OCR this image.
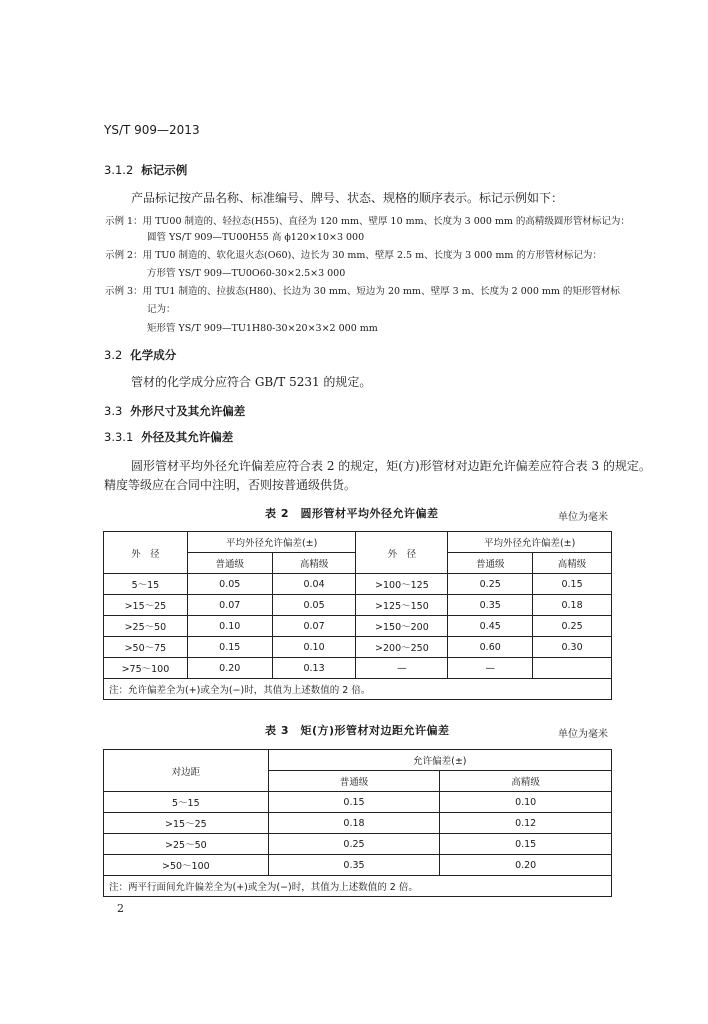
YS/T 909—2013
3.1.2 标记示例
产品标记按产品名称、标准编号、牌号、状态、规格的顺序表示。标记示例如下：
示例 1：用 TU00 制造的、轻拉态(H55)、直径为 120 mm、壁厚 10 mm、长度为 3 000 mm 的高精级圆形管材标记为：
圆管 YS/T 909—TU00H55 高 ϕ120×10×3 000
示例 2：用 TU0 制造的、软化退火态(O60)、边长为 30 mm、壁厚 2.5 m、长度为 3 000 mm 的方形管材标记为：
方形管 YS/T 909—TU0O60-30×2.5×3 000
示例 3：用 TU1 制造的、拉拔态(H80)、长边为 30 mm、短边为 20 mm、壁厚 3 m、长度为 2 000 mm 的矩形管材标
记为：
矩形管 YS/T 909—TU1H80-30×20×3×2 000 mm
3.2 化学成分
管材的化学成分应符合 GB/T 5231 的规定。
3.3 外形尺寸及其允许偏差
3.3.1 外径及其允许偏差
圆形管材平均外径允许偏差应符合表 2 的规定，矩(方)形管材对边距允许偏差应符合表 3 的规定。
精度等级应在合同中注明，否则按普通级供货。
表 2　圆形管材平均外径允许偏差	单位为毫米
外　径	平均外径允许偏差(±)		外　径	平均外径允许偏差(±)	
	普通级	高精级		普通级	高精级
5～15	0.05	0.04	>100～125	0.25	0.15
>15～25	0.07	0.05	>125～150	0.35	0.18
>25～50	0.10	0.07	>150～200	0.45	0.25
>50～75	0.15	0.10	>200～250	0.60	0.30
>75～100	0.20	0.13	—	—	
注：允许偏差全为(+)或全为(−)时，其值为上述数值的 2 倍。					
表 3　矩(方)形管材对边距允许偏差	单位为毫米
对边距	允许偏差(±)	
	普通级	高精级
5～15	0.15	0.10
>15～25	0.18	0.12
>25～50	0.25	0.15
>50～100	0.35	0.20
注：两平行面间允许偏差全为(+)或全为(−)时，其值为上述数值的 2 倍。		
2
